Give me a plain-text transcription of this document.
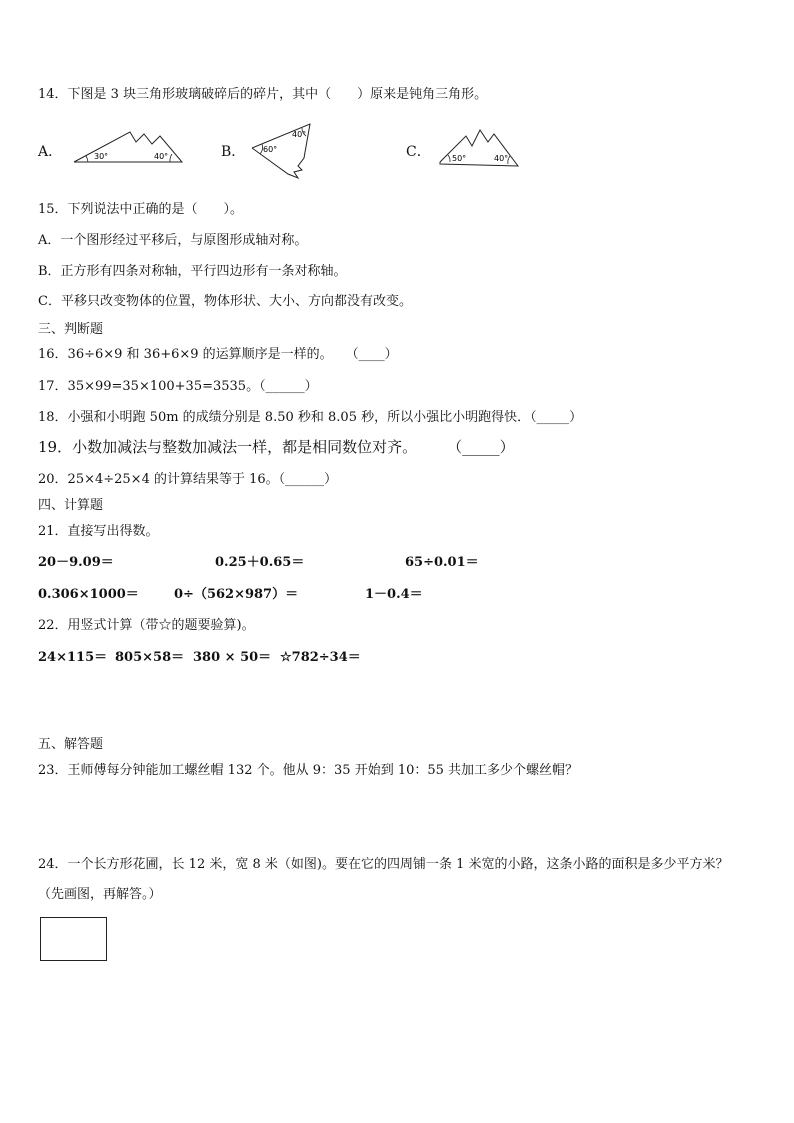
14．下图是 3 块三角形玻璃破碎后的碎片，其中（　　）原来是钝角三角形。
A．	30°	40°	B． 60°
40°
C．	50°	40°
15．下列说法中正确的是（　　）。
A．一个图形经过平移后，与原图形成轴对称。
B．正方形有四条对称轴，平行四边形有一条对称轴。
C．平移只改变物体的位置，物体形状、大小、方向都没有改变。
三、判断题
16．36÷6×9 和 36+6×9 的运算顺序是一样的。　　（____）
17．35×99=35×100+35=3535。（______）
18．小强和小明跑 50m 的成绩分别是 8.50 秒和 8.05 秒，所以小强比小明跑得快．（_____）
19．小数加减法与整数加减法一样，都是相同数位对齐。　　　（_____）
20．25×4÷25×4 的计算结果等于 16。（______）
四、计算题
21．直接写出得数。
20－9.09＝	0.25＋0.65＝	65÷0.01＝
0.306×1000＝	0÷（562×987）＝	1－0.4＝
22．用竖式计算（带☆的题要验算)。
24×115＝ 805×58＝ 380 × 50＝ ☆782÷34＝
五、解答题
23．王师傅每分钟能加工螺丝帽 132 个。他从 9：35 开始到 10：55 共加工多少个螺丝帽？
24．一个长方形花圃，长 12 米，宽 8 米（如图)。要在它的四周铺一条 1 米宽的小路，这条小路的面积是多少平方米？
（先画图，再解答。）
